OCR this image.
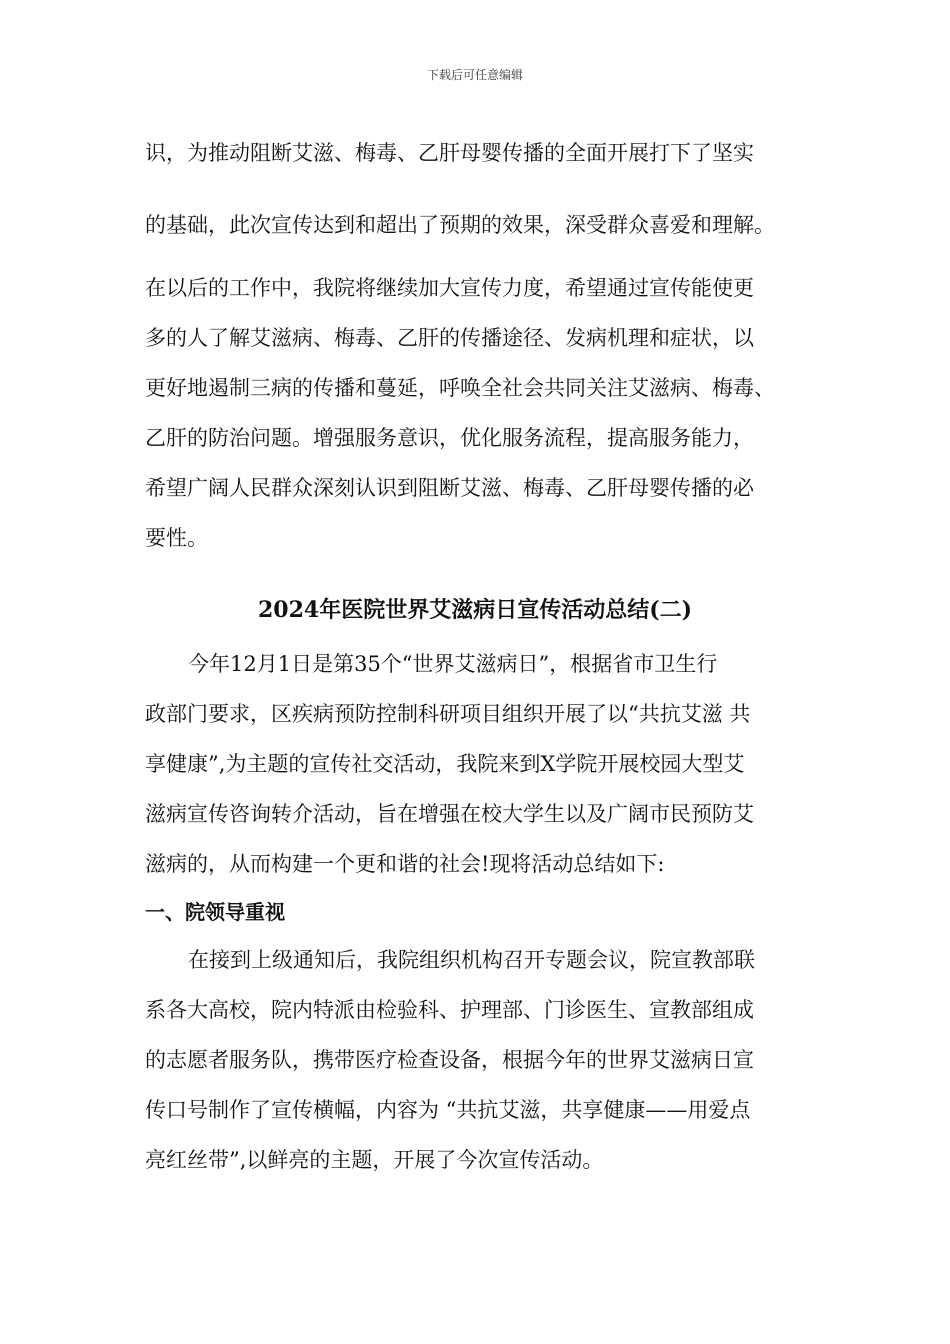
下载后可任意编辑
识，为推动阻断艾滋、梅毒、乙肝母婴传播的全面开展打下了坚实
的基础，此次宣传达到和超出了预期的效果，深受群众喜爱和理解。
在以后的工作中，我院将继续加大宣传力度，希望通过宣传能使更
多的人了解艾滋病、梅毒、乙肝的传播途径、发病机理和症状，以
更好地遏制三病的传播和蔓延，呼唤全社会共同关注艾滋病、梅毒、
乙肝的防治问题。增强服务意识，优化服务流程，提高服务能力，
希望广阔人民群众深刻认识到阻断艾滋、梅毒、乙肝母婴传播的必
要性。
2024年医院世界艾滋病日宣传活动总结(二)
今年12月1日是第35个“世界艾滋病日”，根据省市卫生行
政部门要求，区疾病预防控制科研项目组织开展了以“共抗艾滋 共
享健康”,为主题的宣传社交活动，我院来到X学院开展校园大型艾
滋病宣传咨询转介活动，旨在增强在校大学生以及广阔市民预防艾
滋病的，从而构建一个更和谐的社会!现将活动总结如下:
一、院领导重视
在接到上级通知后，我院组织机构召开专题会议，院宣教部联
系各大高校，院内特派由检验科、护理部、门诊医生、宣教部组成
的志愿者服务队，携带医疗检查设备，根据今年的世界艾滋病日宣
传口号制作了宣传横幅，内容为 “共抗艾滋，共享健康——用爱点
亮红丝带”,以鲜亮的主题，开展了今次宣传活动。
